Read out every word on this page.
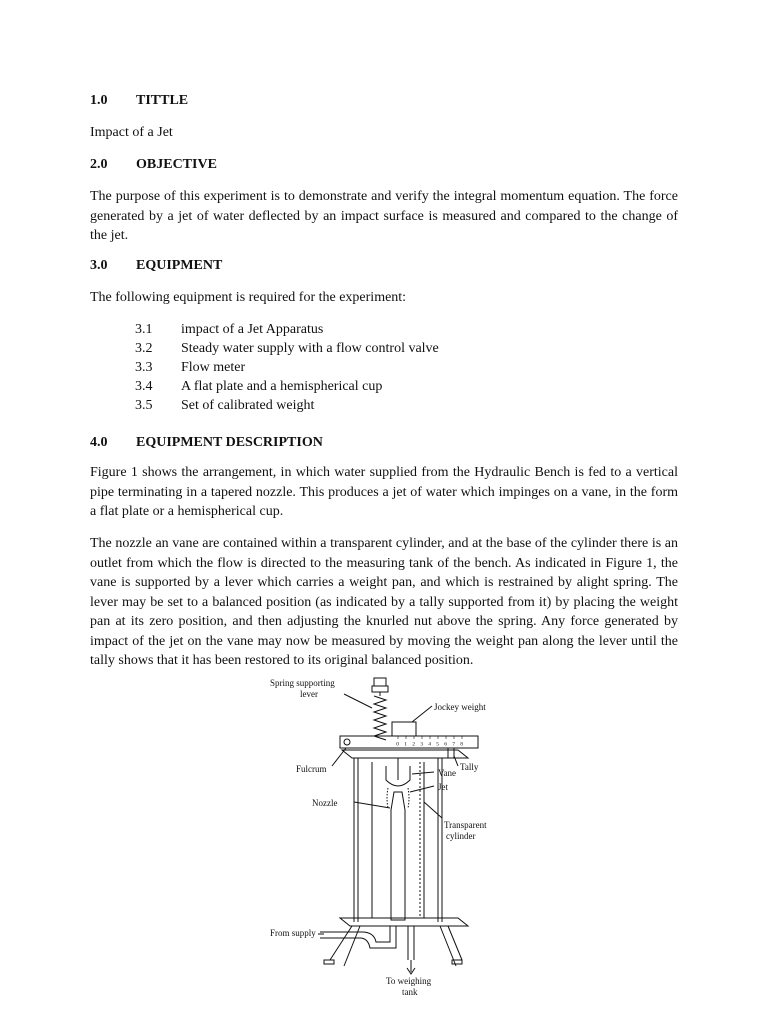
1.0 TITTLE

Impact of a Jet

2.0 OBJECTIVE

The purpose of this experiment is to demonstrate and verify the integral momentum equation. The force generated by a jet of water deflected by an impact surface is measured and compared to the change of the jet.

3.0 EQUIPMENT

The following equipment is required for the experiment:

3.1 impact of a Jet Apparatus
3.2 Steady water supply with a flow control valve
3.3 Flow meter
3.4 A flat plate and a hemispherical cup
3.5 Set of calibrated weight
4.0 EQUIPMENT DESCRIPTION

Figure 1 shows the arrangement, in which water supplied from the Hydraulic Bench is fed to a vertical pipe terminating in a tapered nozzle. This produces a jet of water which impinges on a vane, in the form a flat plate or a hemispherical cup.

The nozzle an vane are contained within a transparent cylinder, and at the base of the cylinder there is an outlet from which the flow is directed to the measuring tank of the bench. As indicated in Figure 1, the vane is supported by a lever which carries a weight pan, and which is restrained by alight spring. The lever may be set to a balanced position (as indicated by a tally supported from it) by placing the weight pan at its zero position, and then adjusting the knurled nut above the spring. Any force generated by impact of the jet on the vane may now be measured by moving the weight pan along the lever until the tally shows that it has been restored to its original balanced position.

0 1 2 3 4 5 6 7 8
Spring supporting
lever
Jockey weight
Fulcrum	Tally
Vane
Jet
Nozzle
Transparent
cylinder
From supply
To weighing
tank
